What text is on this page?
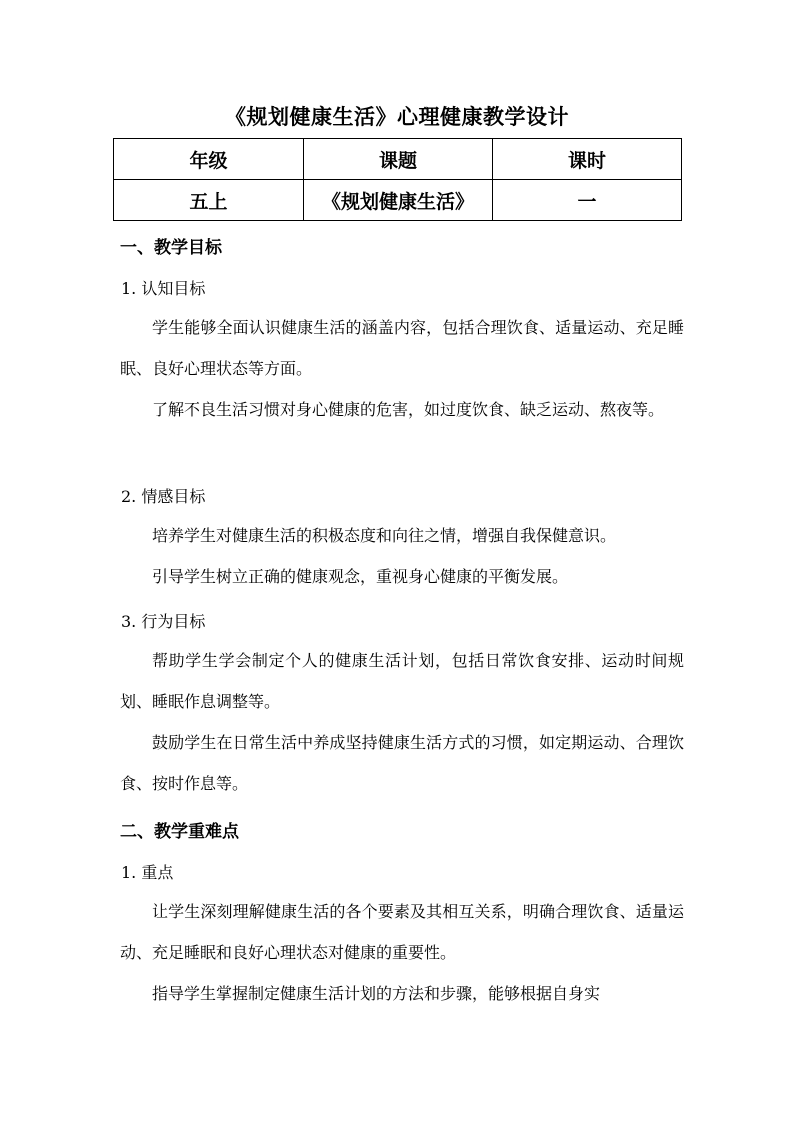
《规划健康生活》心理健康教学设计
年级	课题	课时
五上	《规划健康生活》	一
一、教学目标
1. 认知目标
学生能够全面认识健康生活的涵盖内容，包括合理饮食、适量运动、充足睡眠、良好心理状态等方面。
了解不良生活习惯对身心健康的危害，如过度饮食、缺乏运动、熬夜等。
2. 情感目标
培养学生对健康生活的积极态度和向往之情，增强自我保健意识。
引导学生树立正确的健康观念，重视身心健康的平衡发展。
3. 行为目标
帮助学生学会制定个人的健康生活计划，包括日常饮食安排、运动时间规划、睡眠作息调整等。
鼓励学生在日常生活中养成坚持健康生活方式的习惯，如定期运动、合理饮食、按时作息等。
二、教学重难点
1. 重点
让学生深刻理解健康生活的各个要素及其相互关系，明确合理饮食、适量运动、充足睡眠和良好心理状态对健康的重要性。
指导学生掌握制定健康生活计划的方法和步骤，能够根据自身实
